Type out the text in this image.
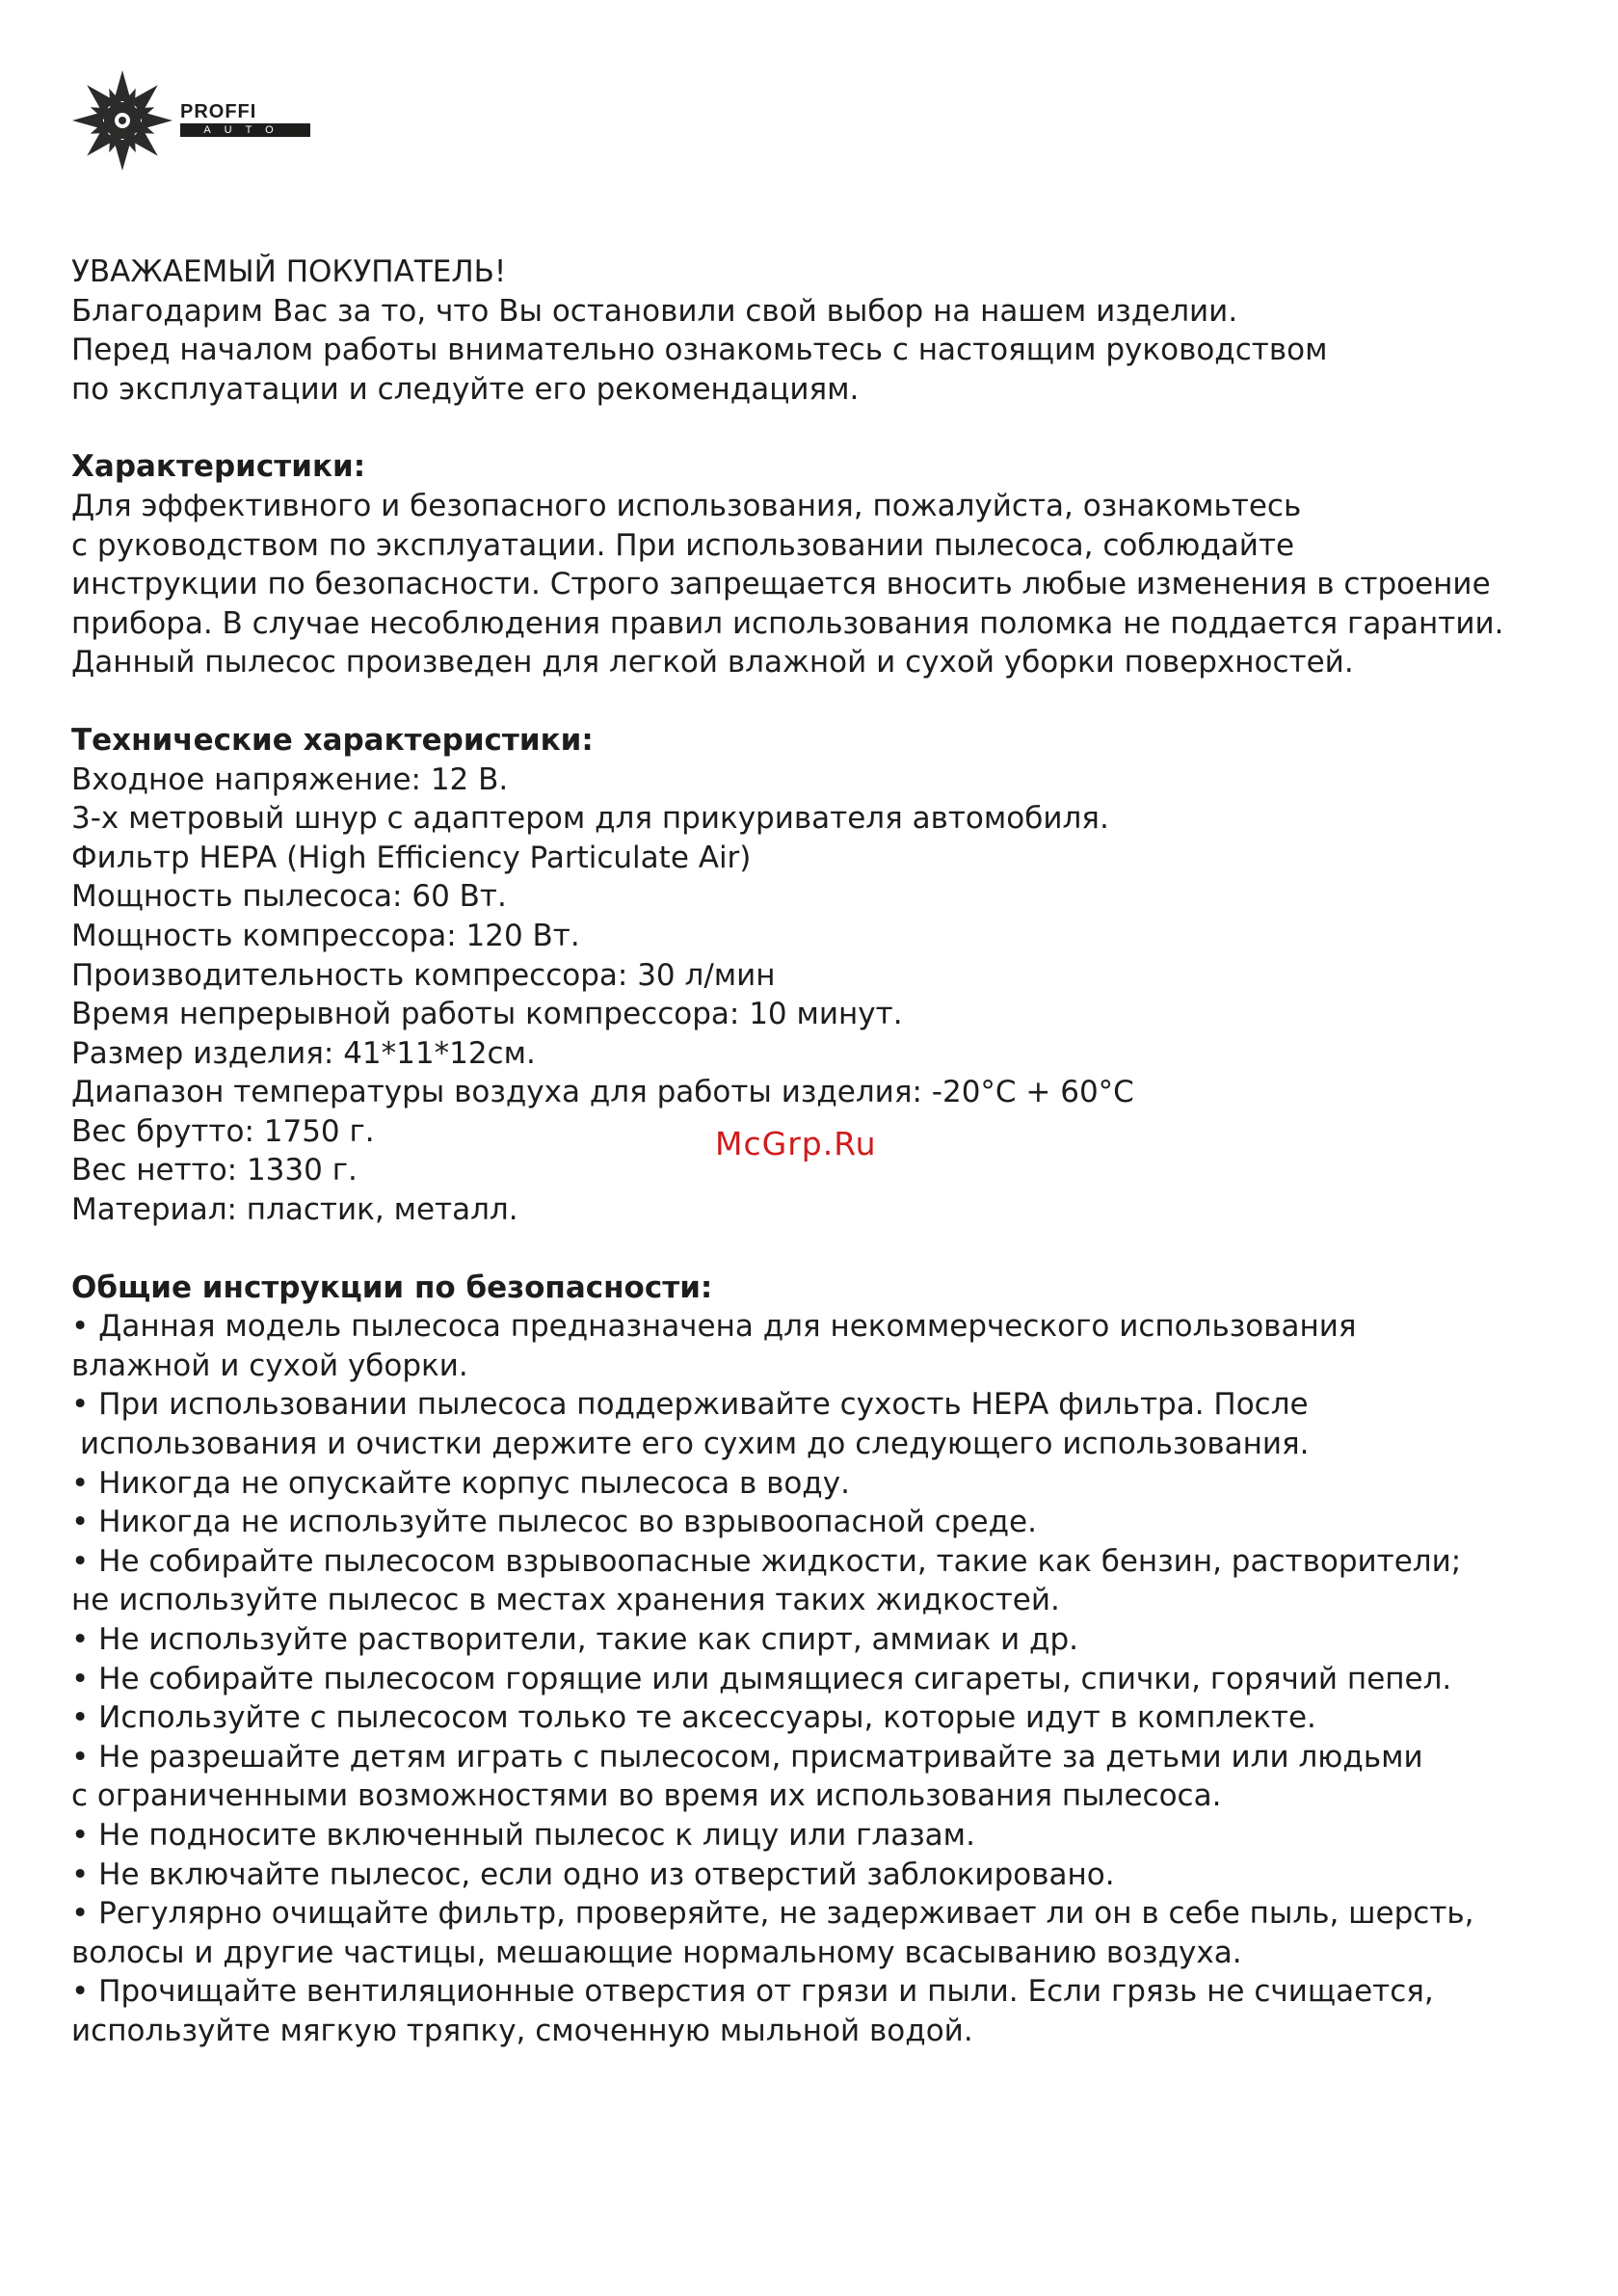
PROFFI
AUTO

УВАЖАЕМЫЙ ПОКУПАТЕЛЬ!

Благодарим Вас за то, что Вы остановили свой выбор на нашем изделии.

Перед началом работы внимательно ознакомьтесь с настоящим руководством

по эксплуатации и следуйте его рекомендациям.

Характеристики:

Для эффективного и безопасного использования, пожалуйста, ознакомьтесь

с руководством по эксплуатации. При использовании пылесоса, соблюдайте

инструкции по безопасности. Строго запрещается вносить любые изменения в строение

прибора. В случае несоблюдения правил использования поломка не поддается гарантии.

Данный пылесос произведен для легкой влажной и сухой уборки поверхностей.

Технические характеристики:

Входное напряжение: 12 В.

3-х метровый шнур с адаптером для прикуривателя автомобиля.

Фильтр HEPA (High Efficiency Particulate Air)

Мощность пылесоса: 60 Вт.

Мощность компрессора: 120 Вт.

Производительность компрессора: 30 л/мин

Время непрерывной работы компрессора: 10 минут.

Размер изделия: 41*11*12см.

Диапазон температуры воздуха для работы изделия: -20°С + 60°С

Вес брутто: 1750 г.

Вес нетто: 1330 г.

Материал: пластик, металл.

Общие инструкции по безопасности:

• Данная модель пылесоса предназначена для некоммерческого использования

влажной и сухой уборки.

• При использовании пылесоса поддерживайте сухость HEPA фильтра. После

использования и очистки держите его сухим до следующего использования.

• Никогда не опускайте корпус пылесоса в воду.

• Никогда не используйте пылесос во взрывоопасной среде.

• Не собирайте пылесосом взрывоопасные жидкости, такие как бензин, растворители;

не используйте пылесос в местах хранения таких жидкостей.

• Не используйте растворители, такие как спирт, аммиак и др.

• Не собирайте пылесосом горящие или дымящиеся сигареты, спички, горячий пепел.

• Используйте с пылесосом только те аксессуары, которые идут в комплекте.

• Не разрешайте детям играть с пылесосом, присматривайте за детьми или людьми

с ограниченными возможностями во время их использования пылесоса.

• Не подносите включенный пылесос к лицу или глазам.

• Не включайте пылесос, если одно из отверстий заблокировано.

• Регулярно очищайте фильтр, проверяйте, не задерживает ли он в себе пыль, шерсть,

волосы и другие частицы, мешающие нормальному всасыванию воздуха.

• Прочищайте вентиляционные отверстия от грязи и пыли. Если грязь не счищается,

используйте мягкую тряпку, смоченную мыльной водой.

McGrp.Ru
